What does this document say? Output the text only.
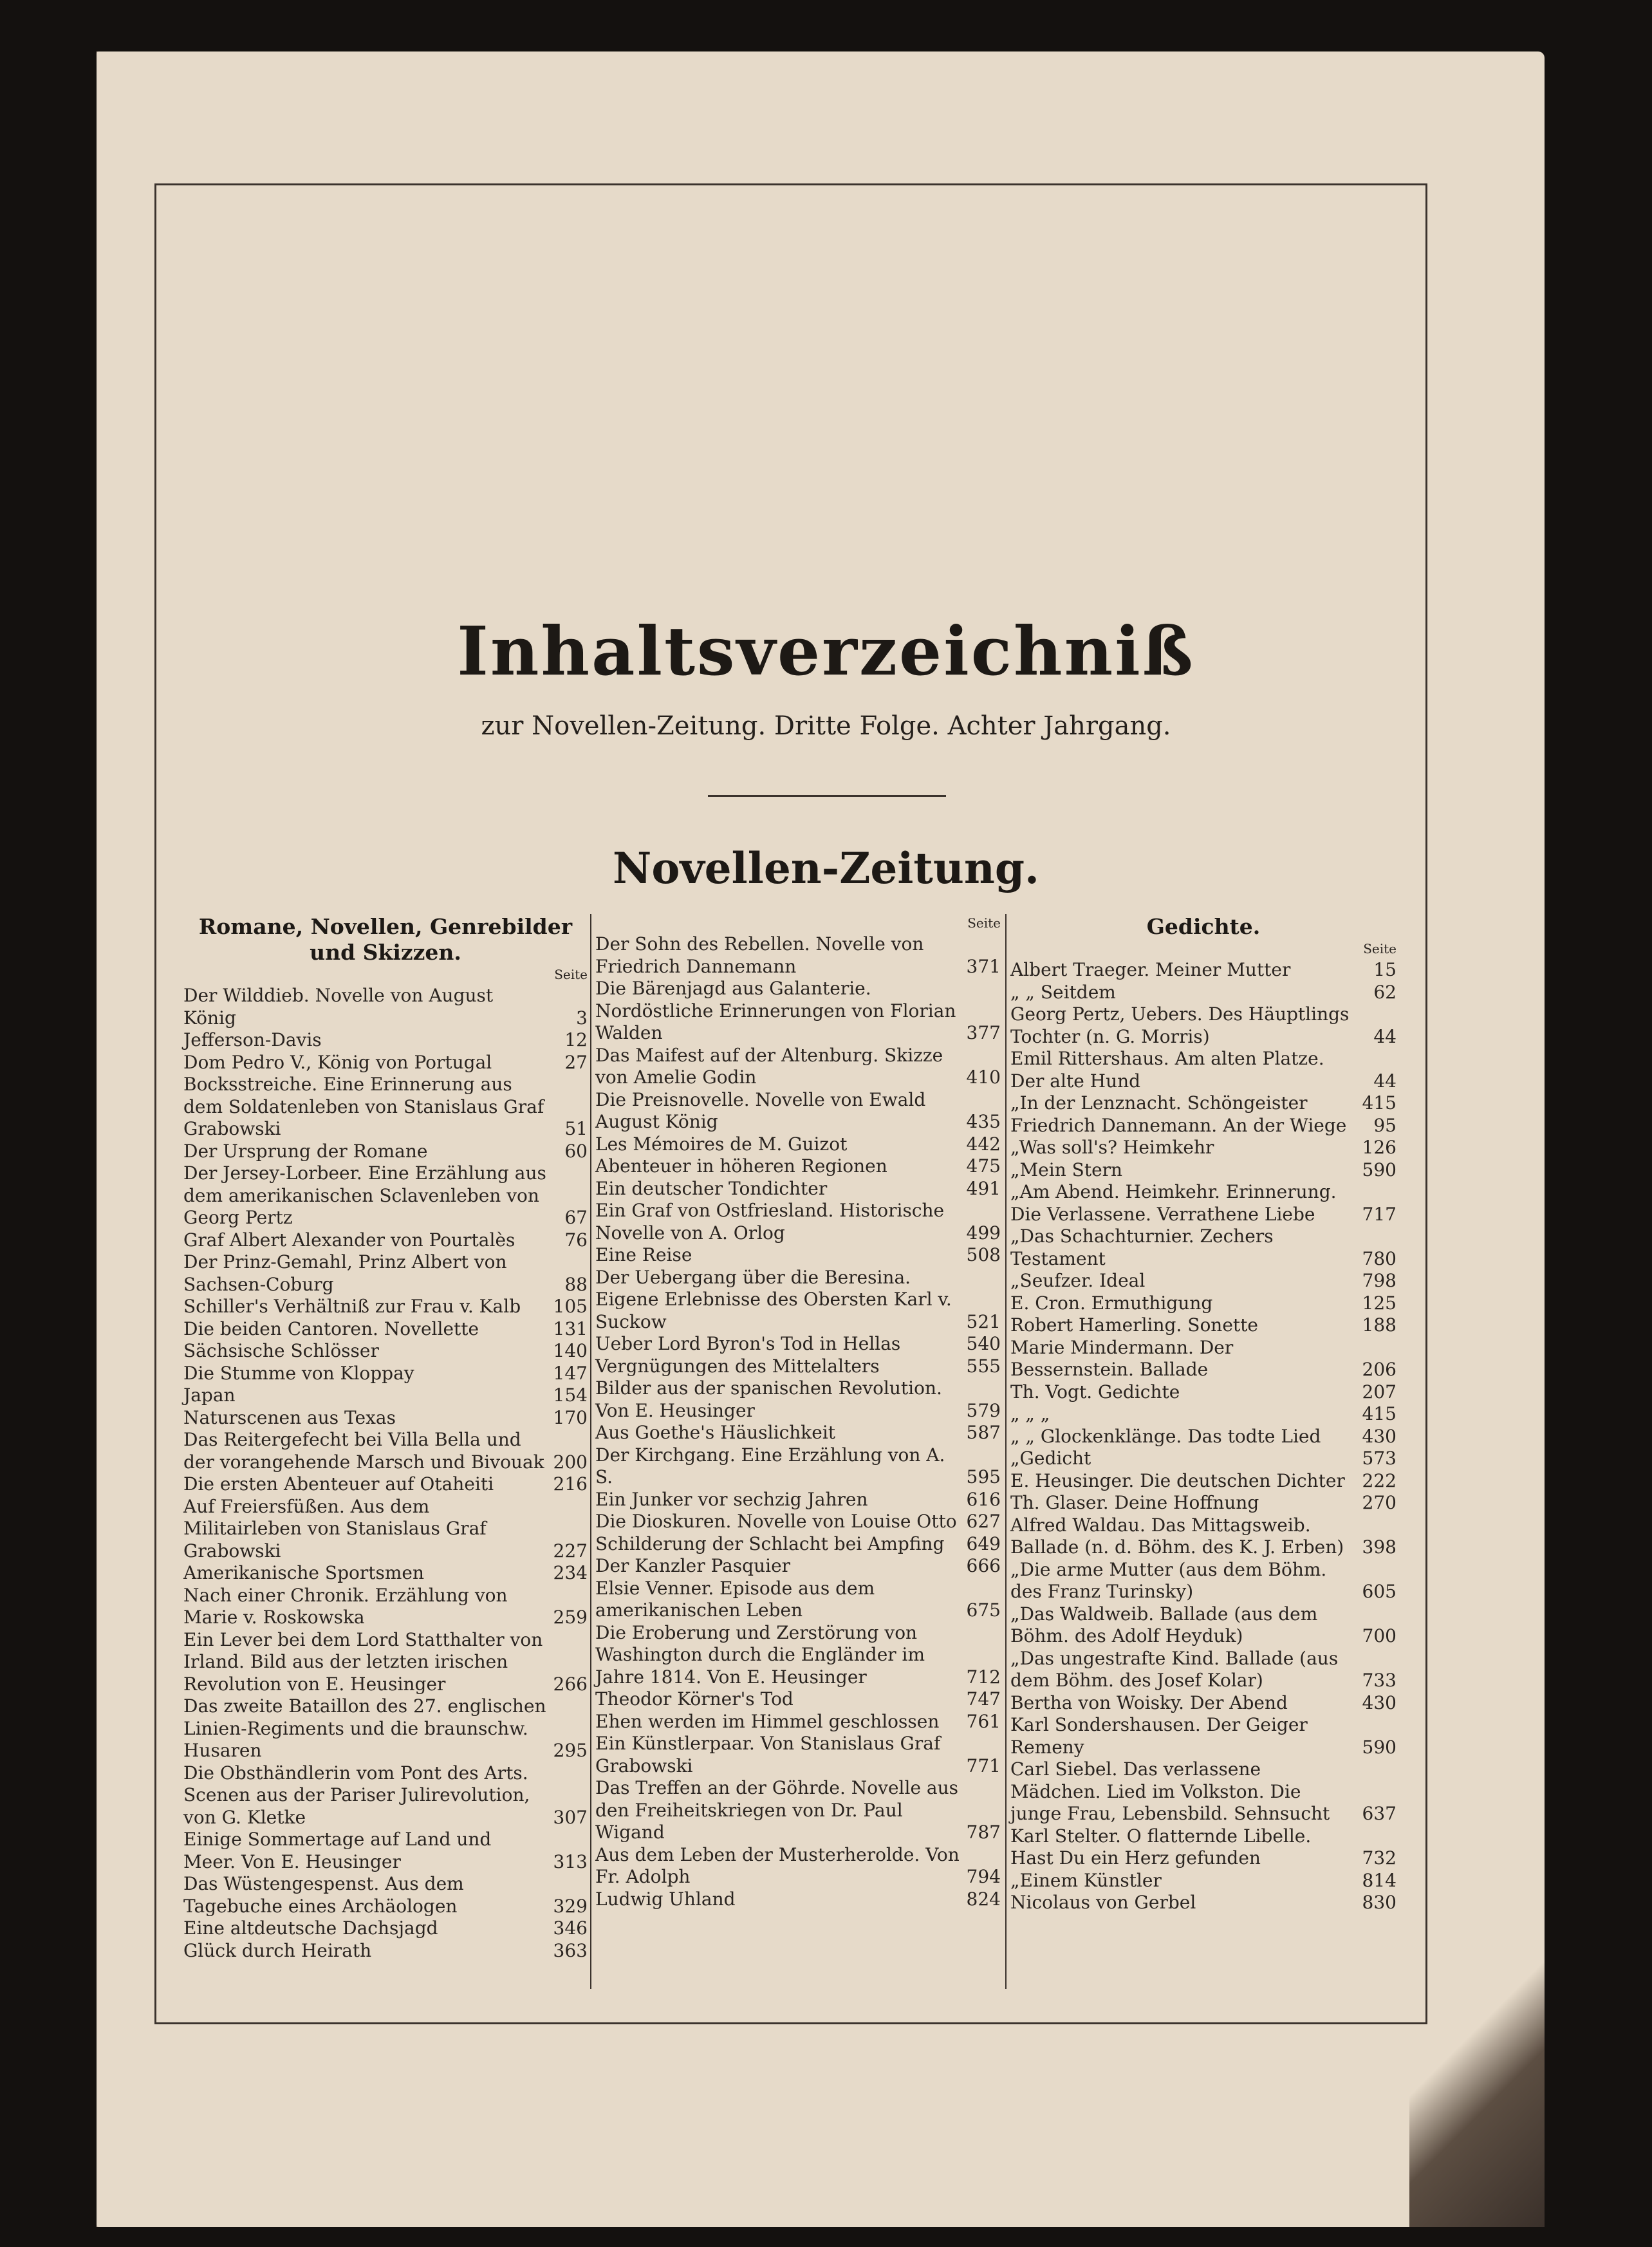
Inhaltsverzeichniß
zur Novellen-Zeitung. Dritte Folge. Achter Jahrgang.
Novellen-Zeitung.
Romane, Novellen, Genrebilder und Skizzen.
Seite
Der Wilddieb. Novelle von August König	3
Jefferson-Davis	12
Dom Pedro V., König von Portugal	27
Bocksstreiche. Eine Erinnerung aus dem Soldatenleben von Stanislaus Graf Grabowski	51
Der Ursprung der Romane	60
Der Jersey-Lorbeer. Eine Erzählung aus dem amerikanischen Sclavenleben von Georg Pertz	67
Graf Albert Alexander von Pourtalès	76
Der Prinz-Gemahl, Prinz Albert von Sachsen-Coburg	88
Schiller's Verhältniß zur Frau v. Kalb	105
Die beiden Cantoren. Novellette	131
Sächsische Schlösser	140
Die Stumme von Kloppay	147
Japan	154
Naturscenen aus Texas	170
Das Reitergefecht bei Villa Bella und der vorangehende Marsch und Bivouak 200
Die ersten Abenteuer auf Otaheiti	216
Auf Freiersfüßen. Aus dem Militairleben von Stanislaus Graf Grabowski	227
Amerikanische Sportsmen	234
Nach einer Chronik. Erzählung von Marie v. Roskowska	259
Ein Lever bei dem Lord Statthalter von Irland. Bild aus der letzten irischen Revolution von E. Heusinger	266
Das zweite Bataillon des 27. englischen Linien-Regiments und die braunschw. Husaren	295
Die Obsthändlerin vom Pont des Arts. Scenen aus der Pariser Julirevolution, von G. Kletke	307
Einige Sommertage auf Land und Meer. Von E. Heusinger	313
Das Wüstengespenst. Aus dem Tagebuche eines Archäologen	329
Eine altdeutsche Dachsjagd	346
Glück durch Heirath	363
Seite
Der Sohn des Rebellen. Novelle von Friedrich Dannemann	371
Die Bärenjagd aus Galanterie. Nordöstliche Erinnerungen von Florian Walden	377
Das Maifest auf der Altenburg. Skizze von Amelie Godin	410
Die Preisnovelle. Novelle von Ewald August König	435
Les Mémoires de M. Guizot	442
Abenteuer in höheren Regionen	475
Ein deutscher Tondichter	491
Ein Graf von Ostfriesland. Historische Novelle von A. Orlog	499
Eine Reise	508
Der Uebergang über die Beresina. Eigene Erlebnisse des Obersten Karl v. Suckow	521
Ueber Lord Byron's Tod in Hellas	540
Vergnügungen des Mittelalters	555
Bilder aus der spanischen Revolution. Von E. Heusinger	579
Aus Goethe's Häuslichkeit	587
Der Kirchgang. Eine Erzählung von A. S.	595
Ein Junker vor sechzig Jahren	616
Die Dioskuren. Novelle von Louise Otto 627
Schilderung der Schlacht bei Ampfing	649
Der Kanzler Pasquier	666
Elsie Venner. Episode aus dem amerikanischen Leben	675
Die Eroberung und Zerstörung von Washington durch die Engländer im Jahre 1814. Von E. Heusinger	712
Theodor Körner's Tod	747
Ehen werden im Himmel geschlossen	761
Ein Künstlerpaar. Von Stanislaus Graf Grabowski	771
Das Treffen an der Göhrde. Novelle aus den Freiheitskriegen von Dr. Paul Wigand	787
Aus dem Leben der Musterherolde. Von Fr. Adolph	794
Ludwig Uhland	824
Gedichte.
Seite
Albert Traeger. Meiner Mutter	15
„ „ Seitdem	62
Georg Pertz, Uebers. Des Häuptlings Tochter (n. G. Morris)	44
Emil Rittershaus. Am alten Platze. Der alte Hund	44
„In der Lenznacht. Schöngeister	415
Friedrich Dannemann. An der Wiege	95
„Was soll's? Heimkehr	126
„Mein Stern	590
„Am Abend. Heimkehr. Erinnerung. Die Verlassene. Verrathene Liebe	717
„Das Schachturnier. Zechers Testament	780
„Seufzer. Ideal	798
E. Cron. Ermuthigung	125
Robert Hamerling. Sonette	188
Marie Mindermann. Der Bessernstein. Ballade	206
Th. Vogt. Gedichte	207
„ „ „	415
„ „ Glockenklänge. Das todte Lied	430
„Gedicht	573
E. Heusinger. Die deutschen Dichter 222
Th. Glaser. Deine Hoffnung	270
Alfred Waldau. Das Mittagsweib. Ballade (n. d. Böhm. des K. J. Erben)	398
„Die arme Mutter (aus dem Böhm. des Franz Turinsky)	605
„Das Waldweib. Ballade (aus dem Böhm. des Adolf Heyduk)	700
„Das ungestrafte Kind. Ballade (aus dem Böhm. des Josef Kolar)	733
Bertha von Woisky. Der Abend	430
Karl Sondershausen. Der Geiger Remeny	590
Carl Siebel. Das verlassene Mädchen. Lied im Volkston. Die junge Frau, Lebensbild. Sehnsucht	637
Karl Stelter. O flatternde Libelle. Hast Du ein Herz gefunden	732
„Einem Künstler	814
Nicolaus von Gerbel	830
